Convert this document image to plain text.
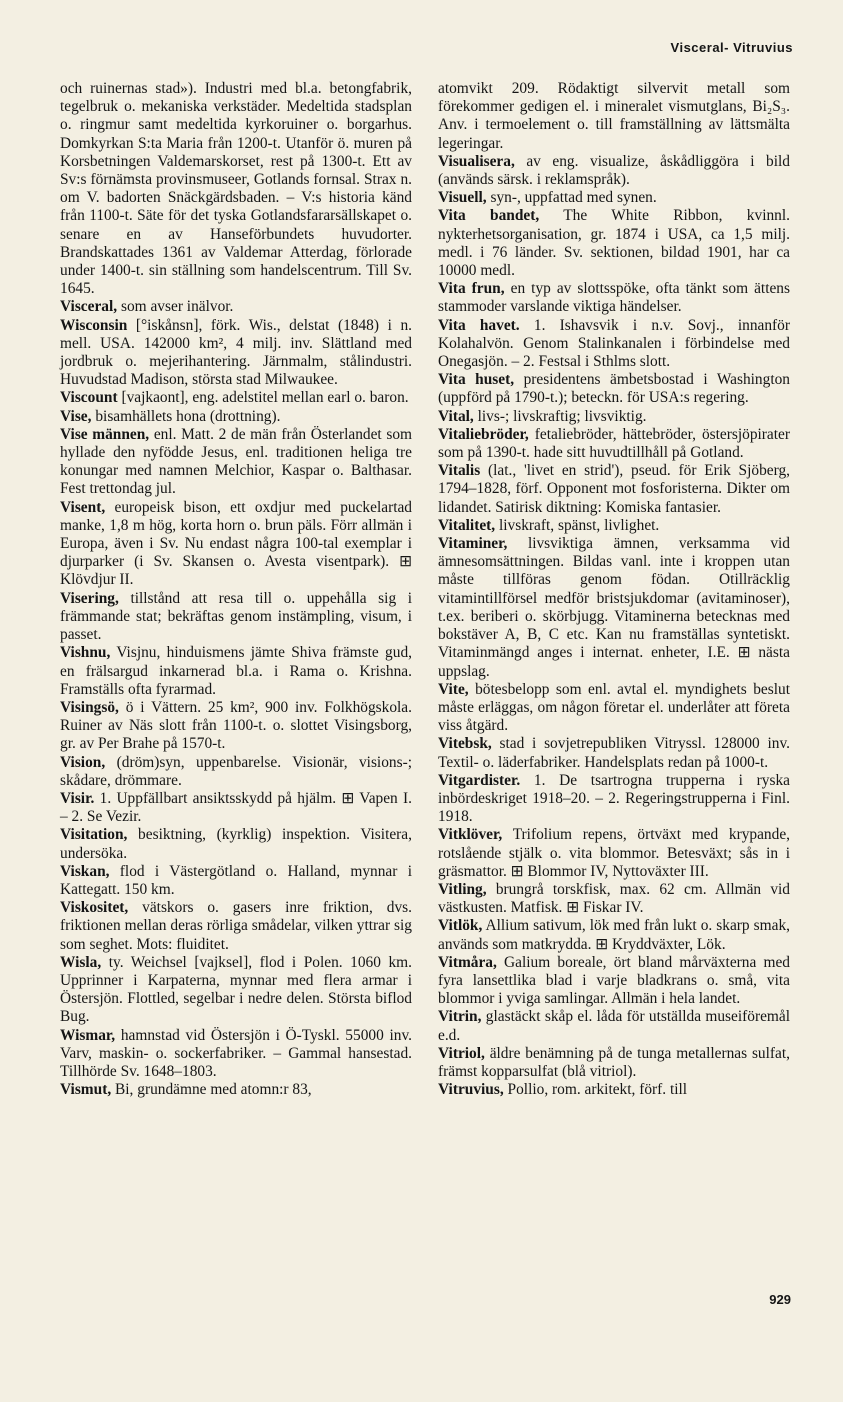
Visceral- Vitruvius

och ruinernas stad»). Industri med bl.a. betongfabrik, tegelbruk o. mekaniska verkstäder. Medeltida stadsplan o. ringmur samt medeltida kyrkoruiner o. borgarhus. Domkyrkan S:ta Maria från 1200-t. Utanför ö. muren på Korsbetningen Valdemarskorset, rest på 1300-t. Ett av Sv:s förnämsta provinsmuseer, Gotlands fornsal. Strax n. om V. badorten Snäckgärdsbaden. – V:s historia känd från 1100-t. Säte för det tyska Gotlandsfararsällskapet o. senare en av Hanseförbundets huvudorter. Brandskattades 1361 av Valdemar Atterdag, förlorade under 1400-t. sin ställning som handelscentrum. Till Sv. 1645.

Visceral, som avser inälvor.

Wisconsin [°iskånsn], förk. Wis., delstat (1848) i n. mell. USA. 142000 km², 4 milj. inv. Slättland med jordbruk o. mejerihantering. Järnmalm, stålindustri. Huvudstad Madison, största stad Milwaukee.

Viscount [vajkaont], eng. adelstitel mellan earl o. baron.

Vise, bisamhällets hona (drottning).

Vise männen, enl. Matt. 2 de män från Österlandet som hyllade den nyfödde Jesus, enl. traditionen heliga tre konungar med namnen Melchior, Kaspar o. Balthasar. Fest trettondag jul.

Visent, europeisk bison, ett oxdjur med puckelartad manke, 1,8 m hög, korta horn o. brun päls. Förr allmän i Europa, även i Sv. Nu endast några 100-tal exemplar i djurparker (i Sv. Skansen o. Avesta visentpark). ⊞ Klövdjur II.

Visering, tillstånd att resa till o. uppehålla sig i främmande stat; bekräftas genom instämpling, visum, i passet.

Vishnu, Visjnu, hinduismens jämte Shiva främste gud, en frälsargud inkarnerad bl.a. i Rama o. Krishna. Framställs ofta fyrarmad.

Visingsö, ö i Vättern. 25 km², 900 inv. Folkhögskola. Ruiner av Näs slott från 1100-t. o. slottet Visingsborg, gr. av Per Brahe på 1570-t.

Vision, (dröm)syn, uppenbarelse. Visionär, visions-; skådare, drömmare.

Visir. 1. Uppfällbart ansiktsskydd på hjälm. ⊞ Vapen I. – 2. Se Vezir.

Visitation, besiktning, (kyrklig) inspektion. Visitera, undersöka.

Viskan, flod i Västergötland o. Halland, mynnar i Kattegatt. 150 km.

Viskositet, vätskors o. gasers inre friktion, dvs. friktionen mellan deras rörliga smådelar, vilken yttrar sig som seghet. Mots: fluiditet.

Wisla, ty. Weichsel [vajksel], flod i Polen. 1060 km. Upprinner i Karpaterna, mynnar med flera armar i Östersjön. Flottled, segelbar i nedre delen. Största biflod Bug.

Wismar, hamnstad vid Östersjön i Ö-Tyskl. 55000 inv. Varv, maskin- o. sockerfabriker. – Gammal hansestad. Tillhörde Sv. 1648–1803.

Vismut, Bi, grundämne med atomn:r 83,

atomvikt 209. Rödaktigt silvervit metall som förekommer gedigen el. i mineralet vismutglans, Bi₂S₃. Anv. i termoelement o. till framställning av lättsmälta legeringar.

Visualisera, av eng. visualize, åskådliggöra i bild (används särsk. i reklamspråk).

Visuell, syn-, uppfattad med synen.

Vita bandet, The White Ribbon, kvinnl. nykterhetsorganisation, gr. 1874 i USA, ca 1,5 milj. medl. i 76 länder. Sv. sektionen, bildad 1901, har ca 10000 medl.

Vita frun, en typ av slottsspöke, ofta tänkt som ättens stammoder varslande viktiga händelser.

Vita havet. 1. Ishavsvik i n.v. Sovj., innanför Kolahalvön. Genom Stalinkanalen i förbindelse med Onegasjön. – 2. Festsal i Sthlms slott.

Vita huset, presidentens ämbetsbostad i Washington (uppförd på 1790-t.); beteckn. för USA:s regering.

Vital, livs-; livskraftig; livsviktig.

Vitaliebröder, fetaliebröder, hättebröder, östersjöpirater som på 1390-t. hade sitt huvudtillhåll på Gotland.

Vitalis (lat., 'livet en strid'), pseud. för Erik Sjöberg, 1794–1828, förf. Opponent mot fosforisterna. Dikter om lidandet. Satirisk diktning: Komiska fantasier.

Vitalitet, livskraft, spänst, livlighet.

Vitaminer, livsviktiga ämnen, verksamma vid ämnesomsättningen. Bildas vanl. inte i kroppen utan måste tillföras genom födan. Otillräcklig vitamintillförsel medför bristsjukdomar (avitaminoser), t.ex. beriberi o. skörbjugg. Vitaminerna betecknas med bokstäver A, B, C etc. Kan nu framställas syntetiskt. Vitaminmängd anges i internat. enheter, I.E. ⊞ nästa uppslag.

Vite, bötesbelopp som enl. avtal el. myndighets beslut måste erläggas, om någon företar el. underlåter att företa viss åtgärd.

Vitebsk, stad i sovjetrepubliken Vitryssl. 128000 inv. Textil- o. läderfabriker. Handelsplats redan på 1000-t.

Vitgardister. 1. De tsartrogna trupperna i ryska inbördeskriget 1918–20. – 2. Regeringstrupperna i Finl. 1918.

Vitklöver, Trifolium repens, örtväxt med krypande, rotslående stjälk o. vita blommor. Betesväxt; sås in i gräsmattor. ⊞ Blommor IV, Nyttoväxter III.

Vitling, brungrå torskfisk, max. 62 cm. Allmän vid västkusten. Matfisk. ⊞ Fiskar IV.

Vitlök, Allium sativum, lök med från lukt o. skarp smak, används som matkrydda. ⊞ Kryddväxter, Lök.

Vitmåra, Galium boreale, ört bland mårväxterna med fyra lansettlika blad i varje bladkrans o. små, vita blommor i yviga samlingar. Allmän i hela landet.

Vitrin, glastäckt skåp el. låda för utställda museiföremål e.d.

Vitriol, äldre benämning på de tunga metallernas sulfat, främst kopparsulfat (blå vitriol).

Vitruvius, Pollio, rom. arkitekt, förf. till

929
